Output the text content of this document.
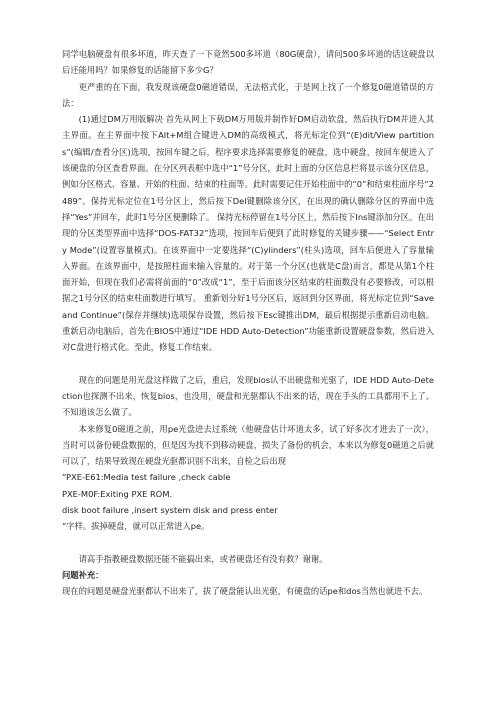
同学电脑硬盘有很多坏道，昨天查了一下竟然500多坏道（80G硬盘），请问500多坏道的话这硬盘以后还能用吗？如果修复的话能留下多少G？

更严重的在下面，我发现该硬盘0磁道错误，无法格式化，于是网上找了一个修复0磁道错误的方法：

(1)通过DM万用版解决 首先从网上下载DM万用版并制作好DM启动软盘，然后执行DM并进入其主界面。在主界面中按下Alt+M组合键进入DM的高级模式，将光标定位到“(E)dit/View partitions”(编辑/查看分区)选项，按回车键之后，程序要求选择需要修复的硬盘，选中硬盘，按回车便进入了该硬盘的分区查看界面。在分区列表框中选中“1”号分区，此时上面的分区信息栏将显示该分区信息，例如分区格式、容量、开始的柱面、结束的柱面等。此时需要记住开始柱面中的“0”和结束柱面序号“2489”。保持光标定位在1号分区上，然后按下Del键删除该分区，在出现的确认删除分区的界面中选择“Yes”并回车，此时1号分区便删除了。 保持光标停留在1号分区上，然后按下Ins键添加分区。在出现的分区类型界面中选择“DOS-FAT32”选项，按回车后便到了此时修复的关键步骤——“Select Entry Mode”(设置容量模式)。在该界面中一定要选择“(C)ylinders”(柱头)选项，回车后便进入了容量输入界面。在该界面中，是按照柱面来输入容量的。对于第一个分区(也就是C盘)而言，都是从第1个柱面开始，但现在我们必需将前面的“0”改成“1”，至于后面该分区结束的柱面数没有必要修改，可以根据之1号分区的结束柱面数进行填写。 重新划分好1号分区后，返回到分区界面，将光标定位到“Save and Continue”(保存并继续)选项保存设置，然后按下Esc键推出DM，最后根据提示重新启动电脑。重新启动电脑后，首先在BIOS中通过“IDE HDD Auto-Detection”功能重新设置硬盘参数，然后进入对C盘进行格式化。至此，修复工作结束。

现在的问题是用光盘这样做了之后，重启，发现bios认不出硬盘和光驱了，IDE HDD Auto-Detection也探测不出来，恢复bios，也没用，硬盘和光驱都认不出来的话，现在手头的工具都用不上了。不知道该怎么做了。

本来修复0磁道之前，用pe光盘进去过系统（他硬盘估计坏道太多，试了好多次才进去了一次），当时可以备份硬盘数据的，但是因为找不到移动硬盘，损失了备份的机会，本来以为修复0磁道之后就可以了，结果导致现在硬盘光驱都识别不出来，自检之后出现

“PXE-E61:Media test failure ,check cable

PXE-M0F:Exiting PXE ROM.

disk boot failure ,insert system disk and press enter

”字样。拔掉硬盘，就可以正常进入pe。

请高手指教硬盘数据还能不能搞出来，或者硬盘还有没有救？谢谢。

问题补充：

现在的问题是硬盘光驱都认不出来了，拔了硬盘能认出光驱，有硬盘的话pe和dos当然也就进不去。
